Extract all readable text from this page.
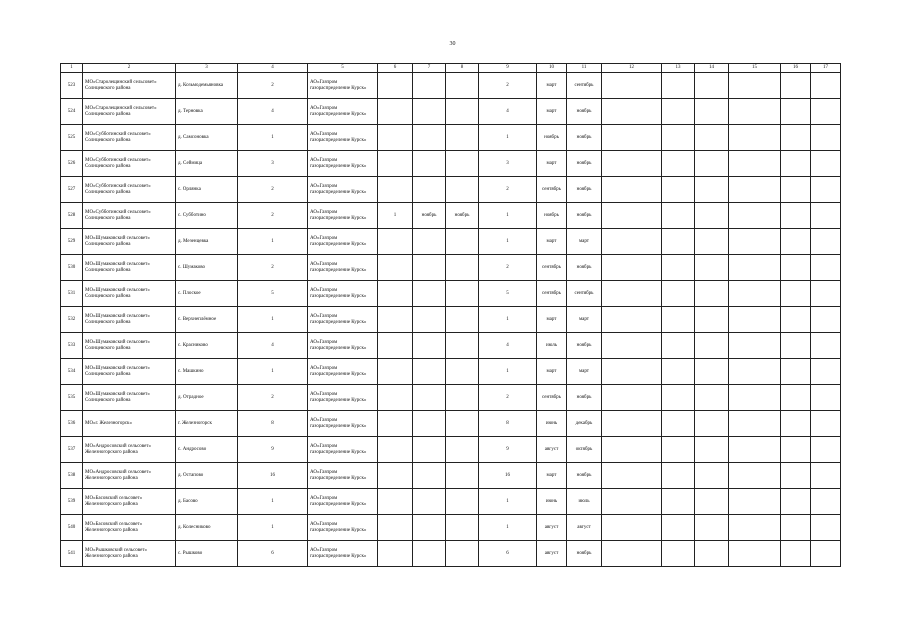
30
1	2	3	4	5	6	7	8	9	10	11	12	13	14	15	16	17
523	МО«Старолещинский сельсовет» Солнцевского района	д. Козьмодемьяновка	2	АО«Газпром газораспределение Курск»				2	март	сентябрь						
524	МО«Старолещинский сельсовет» Солнцевского района	д. Терновка	4	АО«Газпром газораспределение Курск»				4	март	ноябрь						
525	МО«Субботинский сельсовет» Солнцевского района	д. Самсоновка	1	АО«Газпром газораспределение Курск»				1	ноябрь	ноябрь						
526	МО«Субботинский сельсовет» Солнцевского района	д. Сеймица	3	АО«Газпром газораспределение Курск»				3	март	ноябрь						
527	МО«Субботинский сельсовет» Солнцевского района	с. Орлянка	2	АО«Газпром газораспределение Курск»				2	сентябрь	ноябрь						
528	МО«Субботинский сельсовет» Солнцевского района	с. Субботино	2	АО«Газпром газораспределение Курск»	1	ноябрь	ноябрь	1	ноябрь	ноябрь						
529	МО«Шумаковский сельсовет» Солнцевского района	д. Мезенцевка	1	АО«Газпром газораспределение Курск»				1	март	март						
530	МО«Шумаковский сельсовет» Солнцевского района	с. Шумаково	2	АО«Газпром газораспределение Курск»				2	сентябрь	ноябрь						
531	МО«Шумаковский сельсовет» Солнцевского района	с. Плоское	5	АО«Газпром газораспределение Курск»				5	сентябрь	сентябрь						
532	МО«Шумаковский сельсовет» Солнцевского района	с. Верхнеплёмное	1	АО«Газпром газораспределение Курск»				1	март	март						
533	МО«Шумаковский сельсовет» Солнцевского района	с. Красниково	4	АО«Газпром газораспределение Курск»				4	июль	ноябрь						
534	МО«Шумаковский сельсовет» Солнцевского района	с. Машкино	1	АО«Газпром газораспределение Курск»				1	март	март						
535	МО«Шумаковский сельсовет» Солнцевского района	д. Отрадное	2	АО«Газпром газораспределение Курск»				2	сентябрь	ноябрь						
536	МО«г. Железногорск»	г. Железногорск	8	АО«Газпром газораспределение Курск»				8	июнь	декабрь						
537	МО«Андросовский сельсовет» Железногорского района	с. Андросово	9	АО«Газпром газораспределение Курск»				9	август	октябрь						
538	МО«Андросовский сельсовет» Железногорского района	д. Остапово	16	АО«Газпром газораспределение Курск»				16	март	ноябрь						
539	МО«Басовский сельсовет» Железногорского района	д. Басово	1	АО«Газпром газораспределение Курск»				1	июнь	июль						
540	МО«Басовский сельсовет» Железногорского района	д. Колесниково	1	АО«Газпром газораспределение Курск»				1	август	август						
541	МО«Рышковский сельсовет» Железногорского района	с. Рышково	6	АО«Газпром газораспределение Курск»				6	август	ноябрь						
